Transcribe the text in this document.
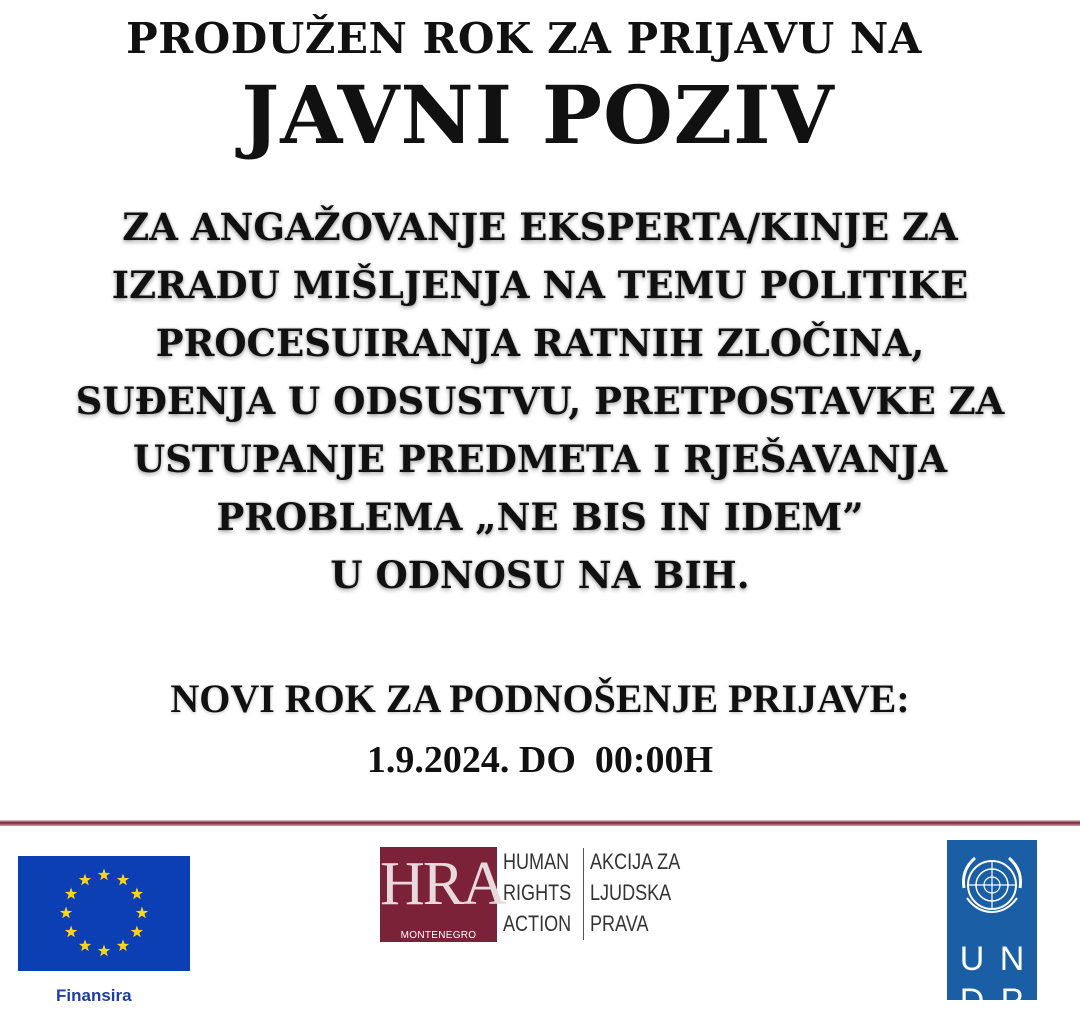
PRODUŽEN ROK ZA PRIJAVU NA
JAVNI POZIV
ZA ANGAŽOVANJE EKSPERTA/KINJE ZA
IZRADU MIŠLJENJA NA TEMU POLITIKE
PROCESUIRANJA RATNIH ZLOČINA,
SUĐENJA U ODSUSTVU, PRETPOSTAVKE ZA
USTUPANJE PREDMETA I RJEŠAVANJA
PROBLEMA „NE BIS IN IDEM”
U ODNOSU NA BIH.
NOVI ROK ZA PODNOŠENJE PRIJAVE:
1.9.2024. DO  00:00H
Finansira
HRA
MONTENEGRO
HUMAN
RIGHTS
ACTION
AKCIJA ZA
LJUDSKA
PRAVA
U N
D P
